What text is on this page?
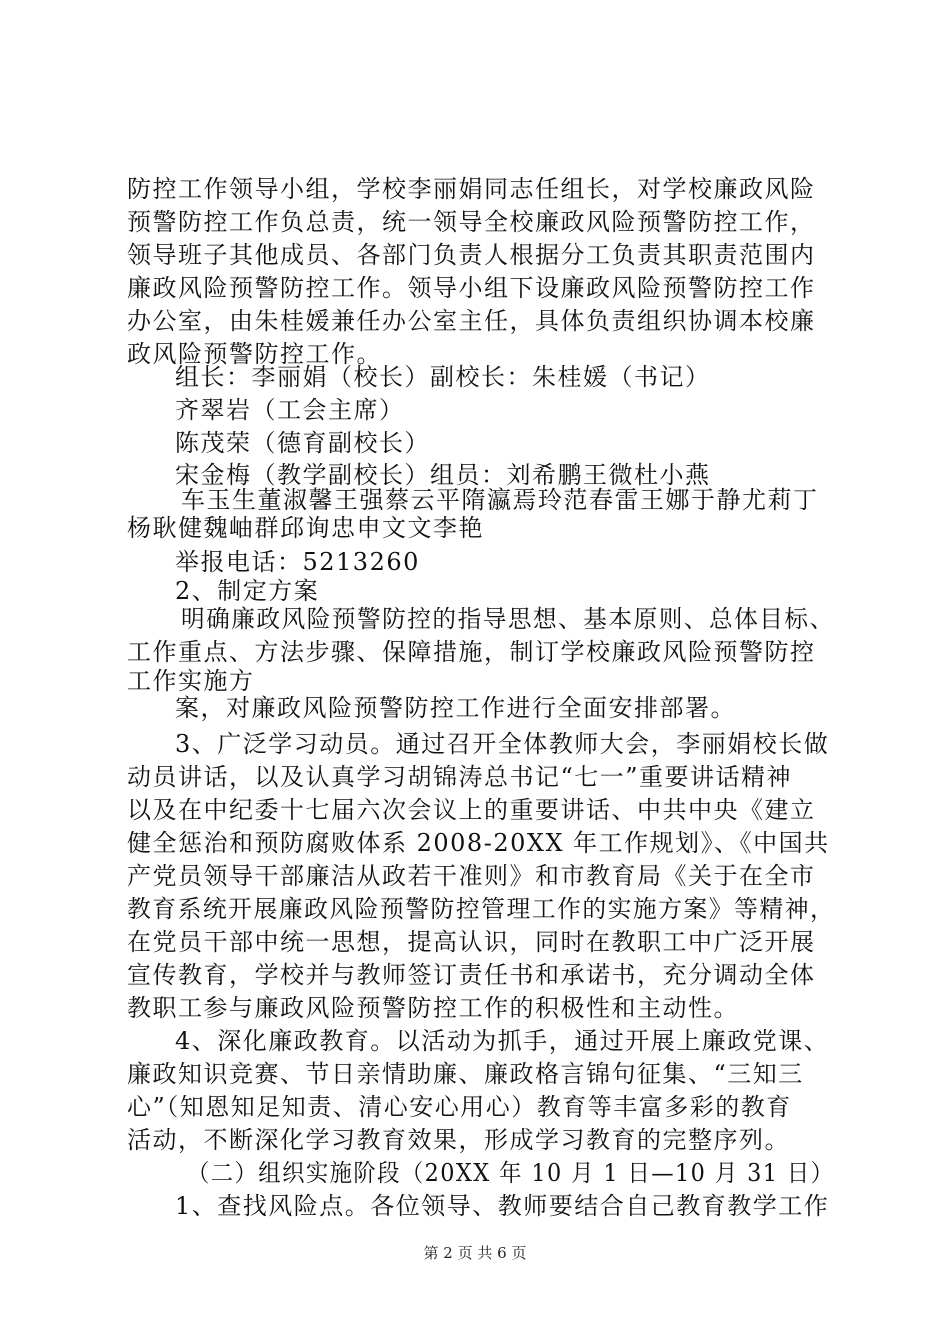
防控工作领导小组，学校李丽娟同志任组长，对学校廉政风险
预警防控工作负总责，统一领导全校廉政风险预警防控工作，
领导班子其他成员、各部门负责人根据分工负责其职责范围内
廉政风险预警防控工作。领导小组下设廉政风险预警防控工作
办公室，由朱桂媛兼任办公室主任，具体负责组织协调本校廉
政风险预警防控工作。
组长：李丽娟（校长）副校长：朱桂媛（书记）
齐翠岩（工会主席）
陈茂荣（德育副校长）
宋金梅（教学副校长）组员：刘希鹏王微杜小燕
车玉生董淑馨王强蔡云平隋瀛焉玲范春雷王娜于静尤莉丁
杨耿健魏岫群邱询忠申文文李艳
举报电话：5213260
2、制定方案
明确廉政风险预警防控的指导思想、基本原则、总体目标、
工作重点、方法步骤、保障措施，制订学校廉政风险预警防控
工作实施方
案，对廉政风险预警防控工作进行全面安排部署。
3、广泛学习动员。通过召开全体教师大会，李丽娟校长做
动员讲话，以及认真学习胡锦涛总书记“七一”重要讲话精神
以及在中纪委十七届六次会议上的重要讲话、中共中央《建立
健全惩治和预防腐败体系 2008-20XX 年工作规划》、《中国共
产党员领导干部廉洁从政若干准则》和市教育局《关于在全市
教育系统开展廉政风险预警防控管理工作的实施方案》等精神，
在党员干部中统一思想，提高认识，同时在教职工中广泛开展
宣传教育，学校并与教师签订责任书和承诺书，充分调动全体
教职工参与廉政风险预警防控工作的积极性和主动性。
4、深化廉政教育。以活动为抓手，通过开展上廉政党课、
廉政知识竞赛、节日亲情助廉、廉政格言锦句征集、“三知三
心”（知恩知足知责、清心安心用心）教育等丰富多彩的教育
活动，不断深化学习教育效果，形成学习教育的完整序列。
（二）组织实施阶段（20XX 年 10 月 1 日—10 月 31 日）
1、查找风险点。各位领导、教师要结合自己教育教学工作
第 2 页 共 6 页
